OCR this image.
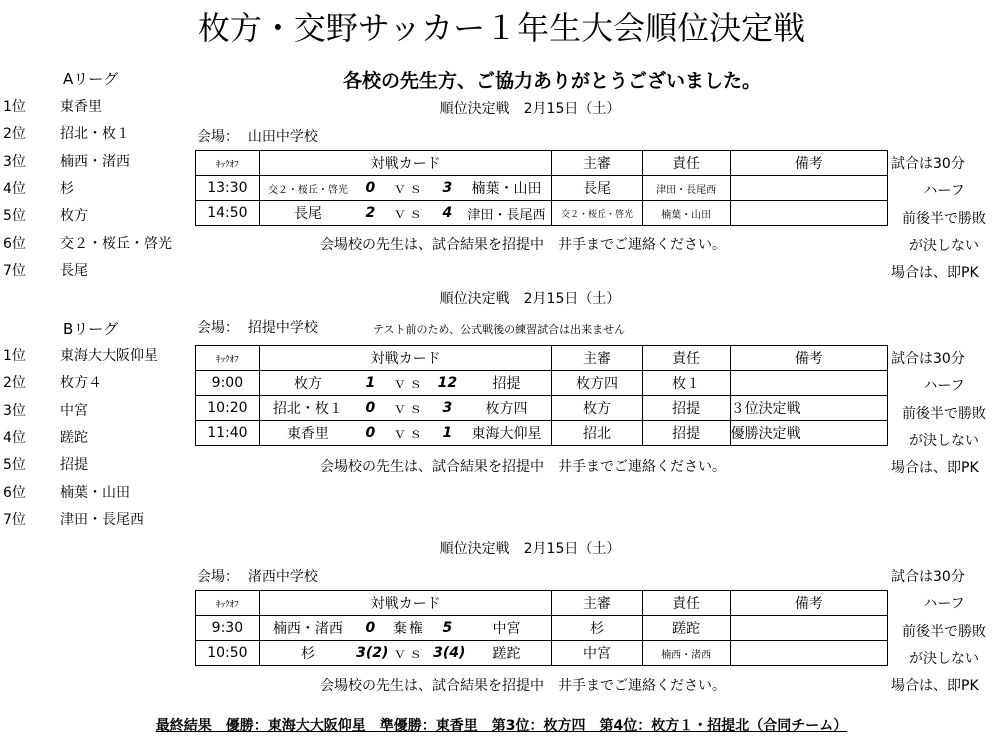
枚方・交野サッカー１年生大会順位決定戦
各校の先生方、ご協力ありがとうございました。
Aリーグ
1位 東香里
2位 招北・枚１
3位 楠西・渚西
4位 杉
5位 枚方
6位 交２・桜丘・啓光
7位 長尾
Bリーグ
1位 東海大大阪仰星
2位 枚方４
3位 中宮
4位 蹉跎
5位 招提
6位 楠葉・山田
7位 津田・長尾西
順位決定戦　2月15日（土）
会場： 山田中学校
ｷｯｸｵﾌ	対戦カード					主審	責任	備考
13:30	交２・桜丘・啓光	0	ｖｓ	3	楠葉・山田	長尾	津田・長尾西	
14:50	長尾	2	ｖｓ	4	津田・長尾西	交２・桜丘・啓光	楠葉・山田	
会場校の先生は、試合結果を招提中　井手までご連絡ください。
試合は30分
ハーフ
前後半で勝敗
が決しない
場合は、即PK
順位決定戦　2月15日（土）
会場： 招提中学校	テスト前のため、公式戦後の練習試合は出来ません
ｷｯｸｵﾌ	対戦カード					主審	責任	備考
9:00	枚方	1	ｖｓ	12	招提	枚方四	枚１	
10:20	招北・枚１	0	ｖｓ	3	枚方四	枚方	招提	３位決定戦
11:40	東香里	0	ｖｓ	1	東海大仰星	招北	招提	優勝決定戦
会場校の先生は、試合結果を招提中　井手までご連絡ください。
試合は30分
ハーフ
前後半で勝敗
が決しない
場合は、即PK
順位決定戦　2月15日（土）
会場： 渚西中学校
ｷｯｸｵﾌ	対戦カード					主審	責任	備考
9:30	楠西・渚西	0	棄権	5	中宮	杉	蹉跎	
10:50	杉	3(2)	ｖｓ	3(4)	蹉跎	中宮	楠西・渚西	
会場校の先生は、試合結果を招提中　井手までご連絡ください。
試合は30分
ハーフ
前後半で勝敗
が決しない
場合は、即PK
最終結果　優勝：東海大大阪仰星　準優勝：東香里　第3位：枚方四　第4位：枚方１・招提北（合同チーム）
